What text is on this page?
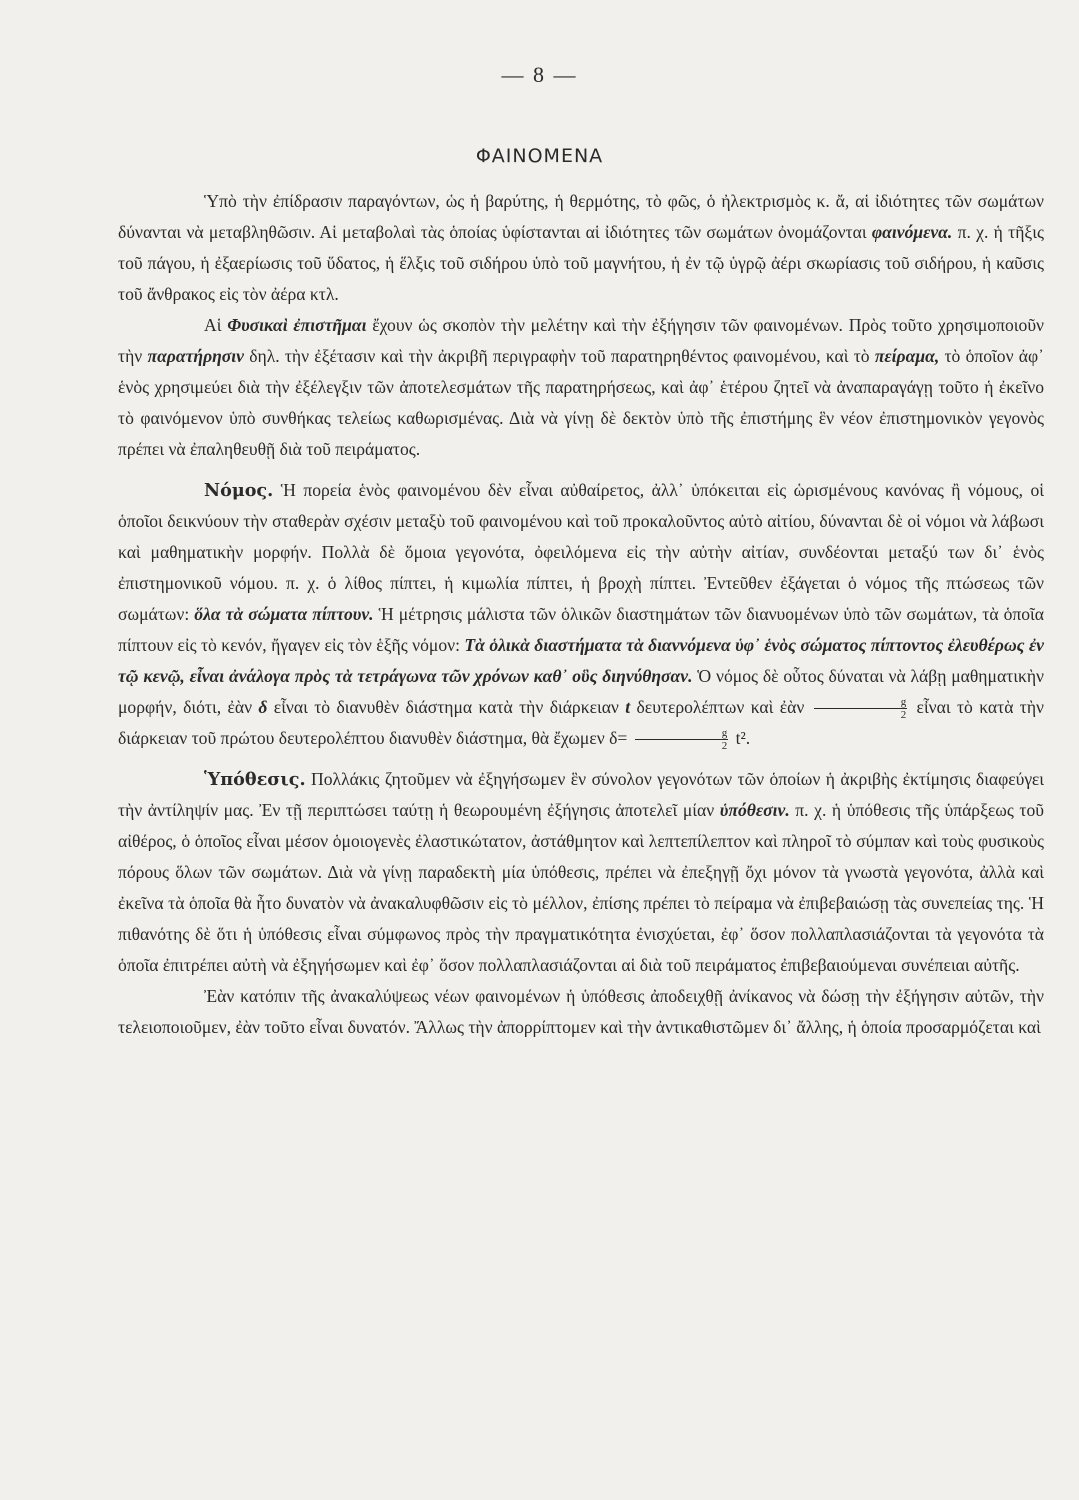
— 8 —
ΦΑΙΝΟΜΕΝΑ

Ὑπὸ τὴν ἐπίδρασιν παραγόντων, ὡς ἡ βαρύτης, ἡ θερμότης, τὸ φῶς, ὁ ἠλεκτρισμὸς κ. ἄ, αἱ ἰδιότητες τῶν σωμάτων δύνανται νὰ μεταβληθῶσιν. Αἱ μεταβολαὶ τὰς ὁποίας ὑφίστανται αἱ ἰδιότητες τῶν σωμάτων ὀνομάζονται φαινόμενα. π. χ. ἡ τῆξις τοῦ πάγου, ἡ ἐξαερίωσις τοῦ ὕδατος, ἡ ἕλξις τοῦ σιδήρου ὑπὸ τοῦ μαγνήτου, ἡ ἐν τῷ ὑγρῷ ἀέρι σκωρίασις τοῦ σιδήρου, ἡ καῦσις τοῦ ἄνθρακος εἰς τὸν ἀέρα κτλ.

Αἱ Φυσικαὶ ἐπιστῆμαι ἔχουν ὡς σκοπὸν τὴν μελέτην καὶ τὴν ἐξήγησιν τῶν φαινομένων. Πρὸς τοῦτο χρησιμοποιοῦν τὴν παρατήρησιν δηλ. τὴν ἐξέτασιν καὶ τὴν ἀκριβῆ περιγραφὴν τοῦ παρατηρηθέντος φαινομένου, καὶ τὸ πείραμα, τὸ ὁποῖον ἀφ᾽ ἑνὸς χρησιμεύει διὰ τὴν ἐξέλεγξιν τῶν ἀποτελεσμάτων τῆς παρατηρήσεως, καὶ ἀφ᾽ ἑτέρου ζητεῖ νὰ ἀναπαραγάγῃ τοῦτο ἡ ἐκεῖνο τὸ φαινόμενον ὑπὸ συνθήκας τελείως καθωρισμένας. Διὰ νὰ γίνῃ δὲ δεκτὸν ὑπὸ τῆς ἐπιστήμης ἓν νέον ἐπιστημονικὸν γεγονὸς πρέπει νὰ ἐπαληθευθῇ διὰ τοῦ πειράματος.

Νόμος. Ἡ πορεία ἑνὸς φαινομένου δὲν εἶναι αὐθαίρετος, ἀλλ᾽ ὑπόκειται εἰς ὡρισμένους κανόνας ἢ νόμους, οἱ ὁποῖοι δεικνύουν τὴν σταθερὰν σχέσιν μεταξὺ τοῦ φαινομένου καὶ τοῦ προκαλοῦντος αὐτὸ αἰτίου, δύνανται δὲ οἱ νόμοι νὰ λάβωσι καὶ μαθηματικὴν μορφήν. Πολλὰ δὲ ὅμοια γεγονότα, ὀφειλόμενα εἰς τὴν αὐτὴν αἰτίαν, συνδέονται μεταξύ των δι᾽ ἑνὸς ἐπιστημονικοῦ νόμου. π. χ. ὁ λίθος πίπτει, ἡ κιμωλία πίπτει, ἡ βροχὴ πίπτει. Ἐντεῦθεν ἐξάγεται ὁ νόμος τῆς πτώσεως τῶν σωμάτων: ὅλα τὰ σώματα πίπτουν. Ἡ μέτρησις μάλιστα τῶν ὁλικῶν διαστημάτων τῶν διανυομένων ὑπὸ τῶν σωμάτων, τὰ ὁποῖα πίπτουν εἰς τὸ κενόν, ἤγαγεν εἰς τὸν ἑξῆς νόμον: Τὰ ὁλικὰ διαστήματα τὰ διαννόμενα ὑφ᾽ ἑνὸς σώματος πίπτοντος ἐλευθέρως ἐν τῷ κενῷ, εἶναι ἀνάλογα πρὸς τὰ τετράγωνα τῶν χρόνων καθ᾽ οὓς διηνύθησαν. Ὁ νόμος δὲ οὗτος δύναται νὰ λάβῃ μαθηματικὴν μορφήν, διότι, ἐὰν δ εἶναι τὸ διανυθὲν διάστημα κατὰ τὴν διάρκειαν t δευτερολέπτων καὶ ἐὰν $\frac{g}{2}$ εἶναι τὸ κατὰ τὴν διάρκειαν τοῦ πρώτου δευτερολέπτου διανυθὲν διάστημα, θὰ ἔχωμεν $\delta= \frac{g}{2} t^2$.

Ὑπόθεσις. Πολλάκις ζητοῦμεν νὰ ἐξηγήσωμεν ἓν σύνολον γεγονότων τῶν ὁποίων ἡ ἀκριβὴς ἐκτίμησις διαφεύγει τὴν ἀντίληψίν μας. Ἐν τῇ περιπτώσει ταύτῃ ἡ θεωρουμένη ἐξήγησις ἀποτελεῖ μίαν ὑπόθεσιν. π. χ. ἡ ὑπόθεσις τῆς ὑπάρξεως τοῦ αἰθέρος, ὁ ὁποῖος εἶναι μέσον ὁμοιογενὲς ἐλαστικώτατον, ἀστάθμητον καὶ λεπτεπίλεπτον καὶ πληροῖ τὸ σύμπαν καὶ τοὺς φυσικοὺς πόρους ὅλων τῶν σωμάτων. Διὰ νὰ γίνῃ παραδεκτὴ μία ὑπόθεσις, πρέπει νὰ ἐπεξηγῇ ὄχι μόνον τὰ γνωστὰ γεγονότα, ἀλλὰ καὶ ἐκεῖνα τὰ ὁποῖα θὰ ἦτο δυνατὸν νὰ ἀνακαλυφθῶσιν εἰς τὸ μέλλον, ἐπίσης πρέπει τὸ πείραμα νὰ ἐπιβεβαιώσῃ τὰς συνεπείας της. Ἡ πιθανότης δὲ ὅτι ἡ ὑπόθεσις εἶναι σύμφωνος πρὸς τὴν πραγματικότητα ἐνισχύεται, ἐφ᾽ ὅσον πολλαπλασιάζονται τὰ γεγονότα τὰ ὁποῖα ἐπιτρέπει αὐτὴ νὰ ἐξηγήσωμεν καὶ ἐφ᾽ ὅσον πολλαπλασιάζονται αἱ διὰ τοῦ πειράματος ἐπιβεβαιούμεναι συνέπειαι αὐτῆς.

Ἐὰν κατόπιν τῆς ἀνακαλύψεως νέων φαινομένων ἡ ὑπόθεσις ἀποδειχθῇ ἀνίκανος νὰ δώσῃ τὴν ἐξήγησιν αὐτῶν, τὴν τελειοποιοῦμεν, ἐὰν τοῦτο εἶναι δυνατόν. Ἄλλως τὴν ἀπορρίπτομεν καὶ τὴν ἀντικαθιστῶμεν δι᾽ ἄλλης, ἡ ὁποία προσαρμόζεται καὶ
